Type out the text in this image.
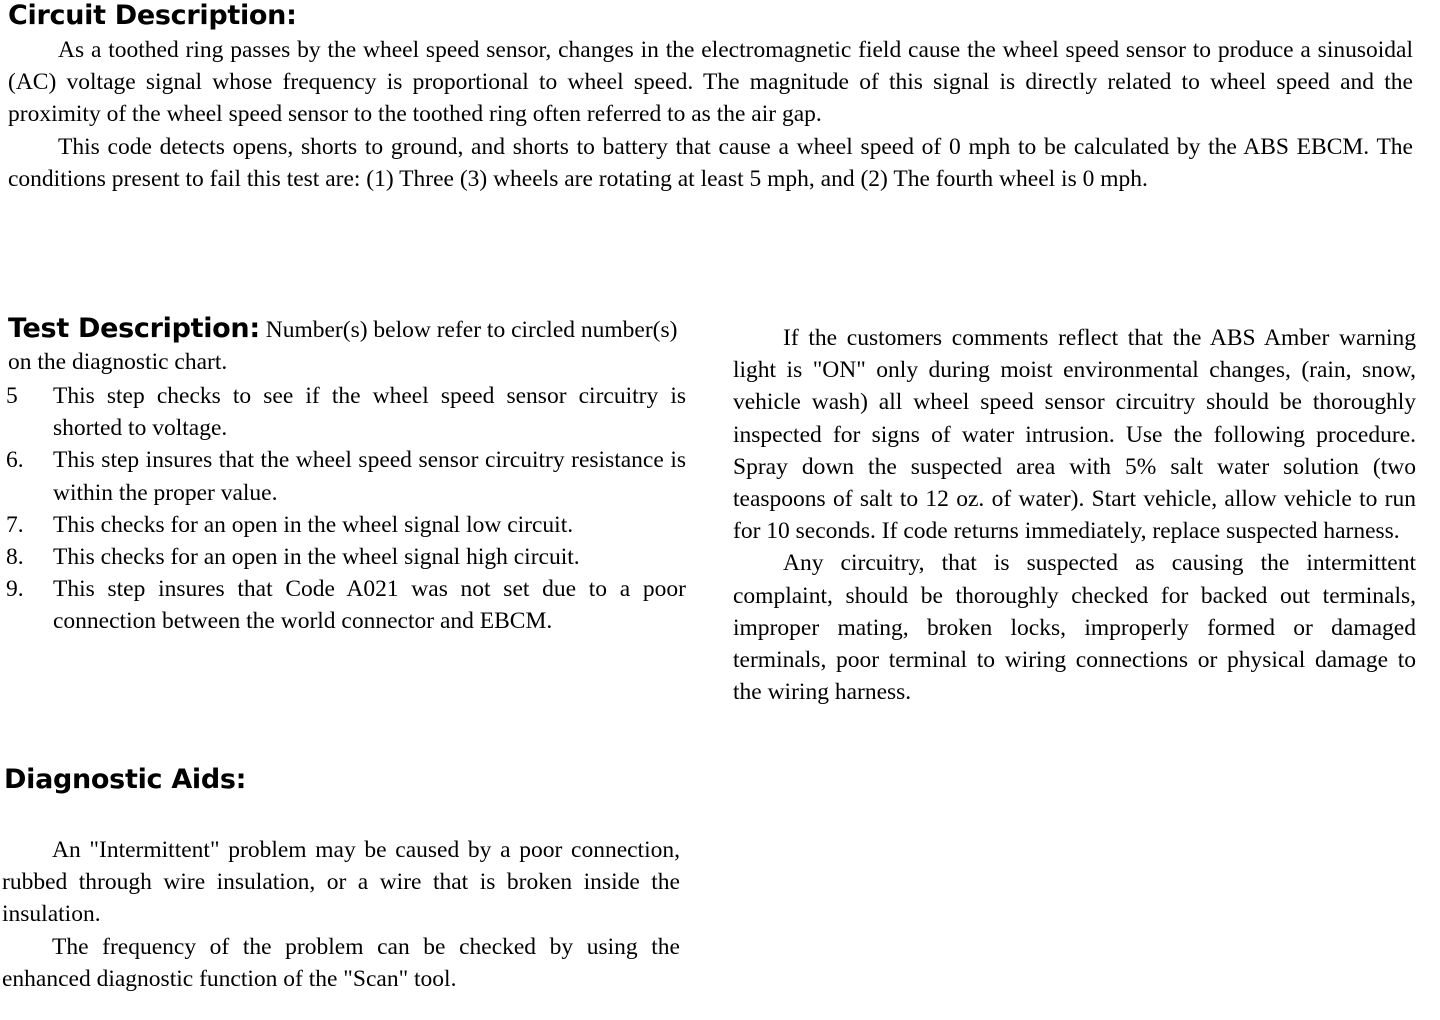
Circuit Description:

As a toothed ring passes by the wheel speed sensor, changes in the electromagnetic field cause the wheel speed sensor to produce a sinusoidal (AC) voltage signal whose frequency is proportional to wheel speed. The magnitude of this signal is directly related to wheel speed and the proximity of the wheel speed sensor to the toothed ring often referred to as the air gap.

This code detects opens, shorts to ground, and shorts to battery that cause a wheel speed of 0 mph to be calculated by the ABS EBCM. The conditions present to fail this test are: (1) Three (3) wheels are rotating at least 5 mph, and (2) The fourth wheel is 0 mph.

Test Description: Number(s) below refer to circled number(s) on the diagnostic chart.
5 This step checks to see if the wheel speed sensor circuitry is shorted to voltage.
6. This step insures that the wheel speed sensor circuitry resistance is within the proper value.
7. This checks for an open in the wheel signal low circuit.
8. This checks for an open in the wheel signal high circuit.
9. This step insures that Code A021 was not set due to a poor connection between the world connector and EBCM.
Diagnostic Aids:

An "Intermittent" problem may be caused by a poor connection, rubbed through wire insulation, or a wire that is broken inside the insulation.

The frequency of the problem can be checked by using the enhanced diagnostic function of the "Scan" tool.

If the customers comments reflect that the ABS Amber warning light is "ON" only during moist environmental changes, (rain, snow, vehicle wash) all wheel speed sensor circuitry should be thoroughly inspected for signs of water intrusion. Use the following procedure. Spray down the suspected area with 5% salt water solution (two teaspoons of salt to 12 oz. of water). Start vehicle, allow vehicle to run for 10 seconds. If code returns immediately, replace suspected harness.

Any circuitry, that is suspected as causing the intermittent complaint, should be thoroughly checked for backed out terminals, improper mating, broken locks, improperly formed or damaged terminals, poor terminal to wiring connections or physical damage to the wiring harness.
